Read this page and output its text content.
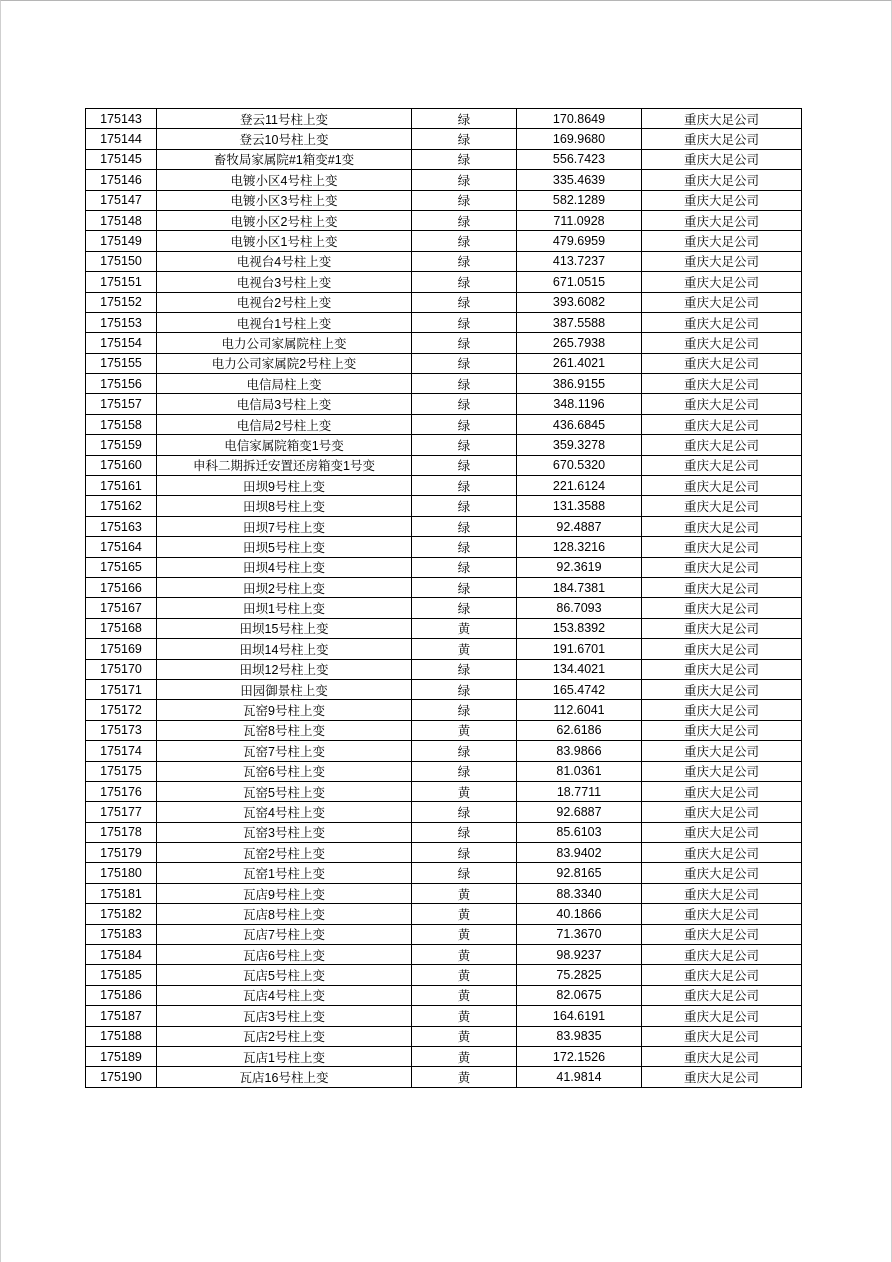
175143	登云11号柱上变	绿	170.8649	重庆大足公司
175144	登云10号柱上变	绿	169.9680	重庆大足公司
175145	畜牧局家属院#1箱变#1变	绿	556.7423	重庆大足公司
175146	电镀小区4号柱上变	绿	335.4639	重庆大足公司
175147	电镀小区3号柱上变	绿	582.1289	重庆大足公司
175148	电镀小区2号柱上变	绿	711.0928	重庆大足公司
175149	电镀小区1号柱上变	绿	479.6959	重庆大足公司
175150	电视台4号柱上变	绿	413.7237	重庆大足公司
175151	电视台3号柱上变	绿	671.0515	重庆大足公司
175152	电视台2号柱上变	绿	393.6082	重庆大足公司
175153	电视台1号柱上变	绿	387.5588	重庆大足公司
175154	电力公司家属院柱上变	绿	265.7938	重庆大足公司
175155	电力公司家属院2号柱上变	绿	261.4021	重庆大足公司
175156	电信局柱上变	绿	386.9155	重庆大足公司
175157	电信局3号柱上变	绿	348.1196	重庆大足公司
175158	电信局2号柱上变	绿	436.6845	重庆大足公司
175159	电信家属院箱变1号变	绿	359.3278	重庆大足公司
175160	申科二期拆迁安置还房箱变1号变	绿	670.5320	重庆大足公司
175161	田坝9号柱上变	绿	221.6124	重庆大足公司
175162	田坝8号柱上变	绿	131.3588	重庆大足公司
175163	田坝7号柱上变	绿	92.4887	重庆大足公司
175164	田坝5号柱上变	绿	128.3216	重庆大足公司
175165	田坝4号柱上变	绿	92.3619	重庆大足公司
175166	田坝2号柱上变	绿	184.7381	重庆大足公司
175167	田坝1号柱上变	绿	86.7093	重庆大足公司
175168	田坝15号柱上变	黄	153.8392	重庆大足公司
175169	田坝14号柱上变	黄	191.6701	重庆大足公司
175170	田坝12号柱上变	绿	134.4021	重庆大足公司
175171	田园御景柱上变	绿	165.4742	重庆大足公司
175172	瓦窑9号柱上变	绿	112.6041	重庆大足公司
175173	瓦窑8号柱上变	黄	62.6186	重庆大足公司
175174	瓦窑7号柱上变	绿	83.9866	重庆大足公司
175175	瓦窑6号柱上变	绿	81.0361	重庆大足公司
175176	瓦窑5号柱上变	黄	18.7711	重庆大足公司
175177	瓦窑4号柱上变	绿	92.6887	重庆大足公司
175178	瓦窑3号柱上变	绿	85.6103	重庆大足公司
175179	瓦窑2号柱上变	绿	83.9402	重庆大足公司
175180	瓦窑1号柱上变	绿	92.8165	重庆大足公司
175181	瓦店9号柱上变	黄	88.3340	重庆大足公司
175182	瓦店8号柱上变	黄	40.1866	重庆大足公司
175183	瓦店7号柱上变	黄	71.3670	重庆大足公司
175184	瓦店6号柱上变	黄	98.9237	重庆大足公司
175185	瓦店5号柱上变	黄	75.2825	重庆大足公司
175186	瓦店4号柱上变	黄	82.0675	重庆大足公司
175187	瓦店3号柱上变	黄	164.6191	重庆大足公司
175188	瓦店2号柱上变	黄	83.9835	重庆大足公司
175189	瓦店1号柱上变	黄	172.1526	重庆大足公司
175190	瓦店16号柱上变	黄	41.9814	重庆大足公司
